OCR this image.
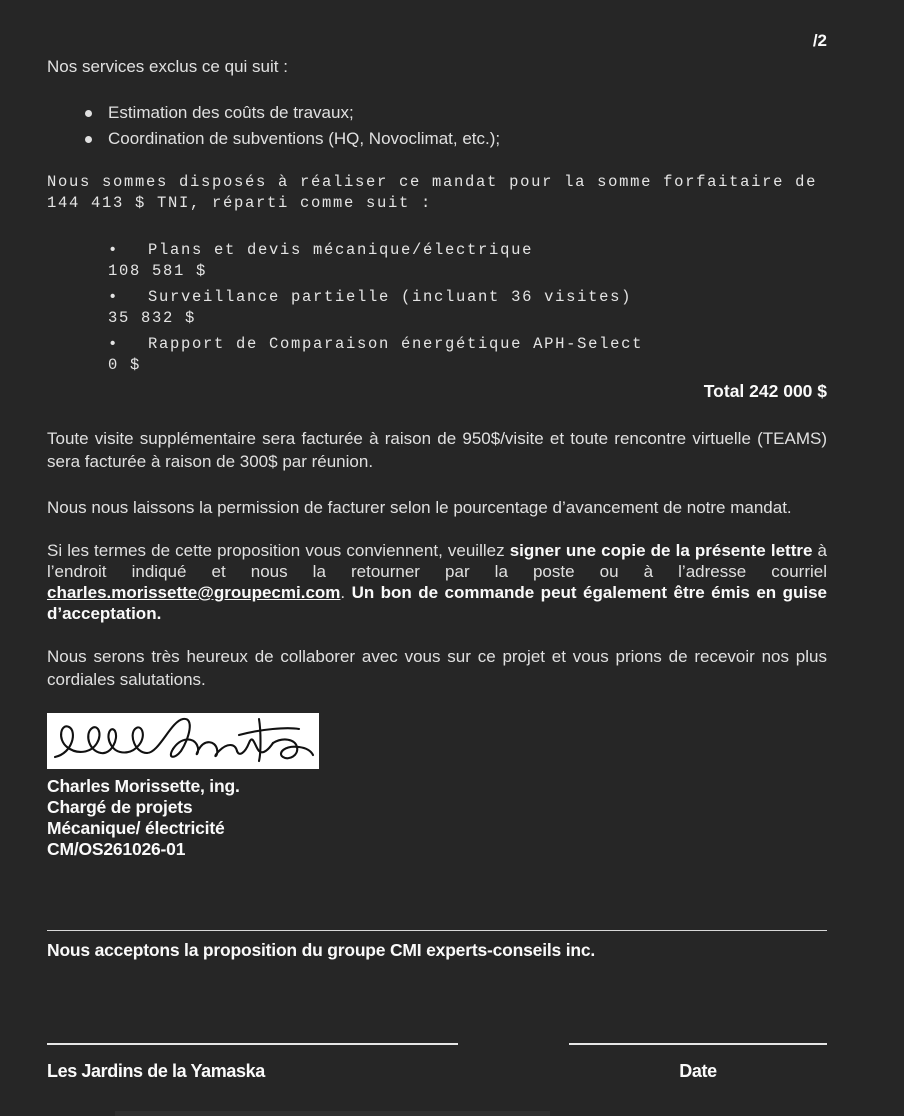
/2
Nos services exclus ce qui suit :
Estimation des coûts de travaux;
Coordination de subventions (HQ, Novoclimat, etc.);
Nous sommes disposés à réaliser ce mandat pour la somme forfaitaire de
144 413 $ TNI, réparti comme suit :
• Plans et devis mécanique/électrique
108 581 $
• Surveillance partielle (incluant 36 visites)
35 832 $
• Rapport de Comparaison énergétique APH-Select
0 $
Total 242 000 $

Toute visite supplémentaire sera facturée à raison de 950$/visite et toute rencontre virtuelle (TEAMS) sera facturée à raison de 300$ par réunion.

Nous nous laissons la permission de facturer selon le pourcentage d’avancement de notre mandat.

Si les termes de cette proposition vous conviennent, veuillez signer une copie de la présente lettre à l’endroit indiqué et nous la retourner par la poste ou à l’adresse courriel charles.morissette@groupecmi.com. Un bon de commande peut également être émis en guise d’acceptation.

Nous serons très heureux de collaborer avec vous sur ce projet et vous prions de recevoir nos plus cordiales salutations.

Charles Morissette, ing.
Chargé de projets
Mécanique/ électricité
CM/OS261026-01
Nous acceptons la proposition du groupe CMI experts-conseils inc.
Les Jardins de la Yamaska	Date
